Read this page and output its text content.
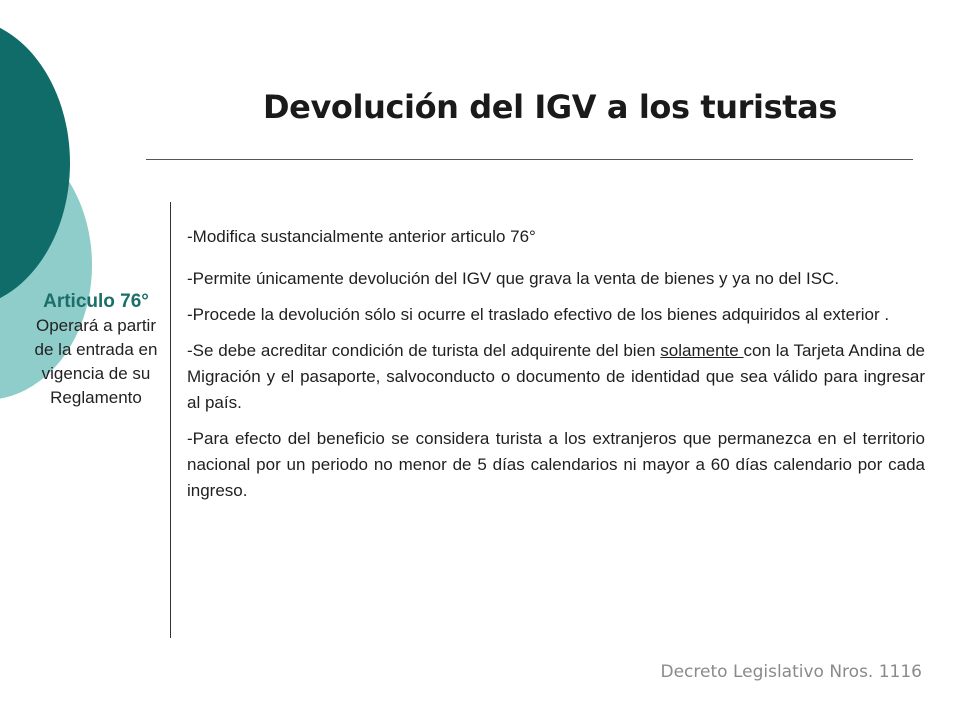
Devolución del IGV a los turistas
Articulo 76°
Operará a partir de la entrada en vigencia de su Reglamento

-Modifica sustancialmente anterior articulo 76°

-Permite únicamente devolución del IGV que grava la venta de bienes y ya no del ISC.

-Procede la devolución sólo si ocurre el traslado efectivo de los bienes adquiridos al exterior .

-Se debe acreditar condición de turista del adquirente del bien solamente con la Tarjeta Andina de Migración y el pasaporte, salvoconducto o documento de identidad que sea válido para ingresar al país.

-Para efecto del beneficio se considera turista a los extranjeros que permanezca en el territorio nacional por un periodo no menor de 5 días calendarios ni mayor a 60 días calendario por cada ingreso.

Decreto Legislativo Nros. 1116
